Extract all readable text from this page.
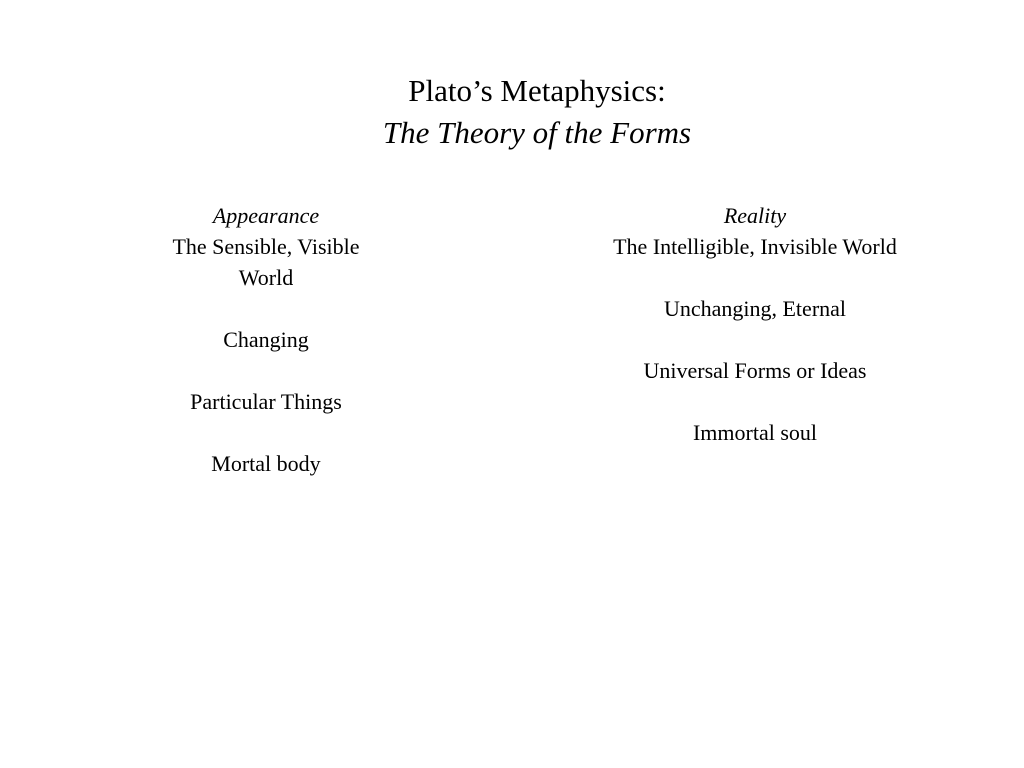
Plato’s Metaphysics:
The Theory of the Forms
Appearance
The Sensible, Visible World
Changing
Particular Things
Mortal body
Reality
The Intelligible, Invisible World
Unchanging, Eternal
Universal Forms or Ideas
Immortal soul
